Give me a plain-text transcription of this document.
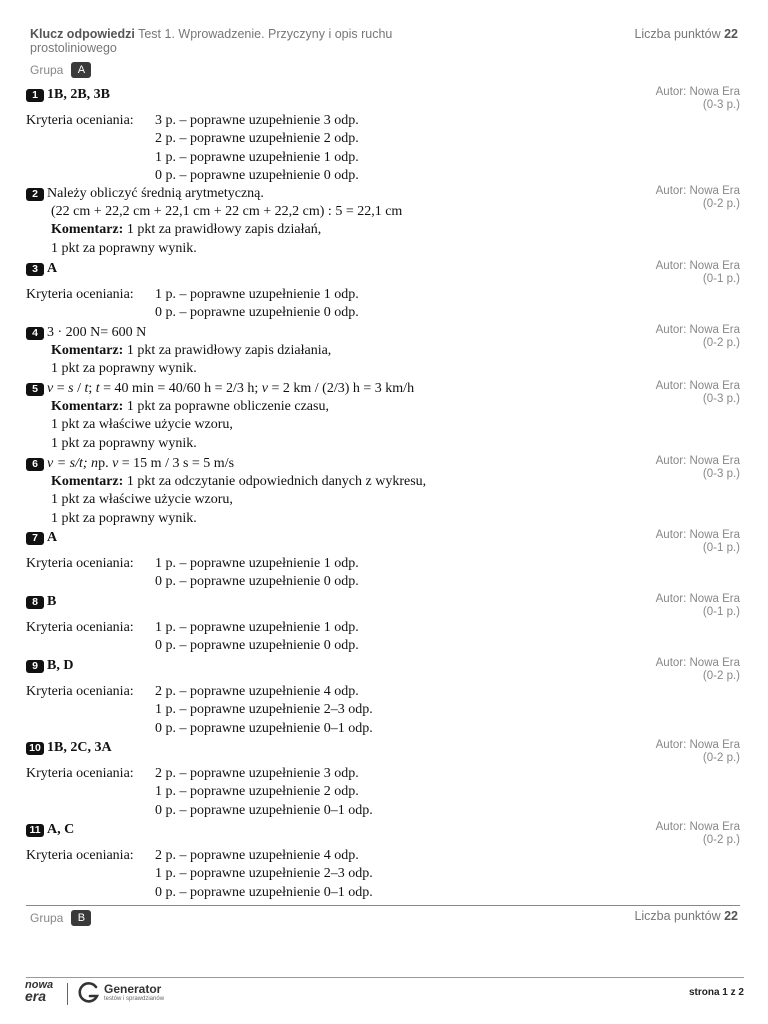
Klucz odpowiedzi Test 1. Wprowadzenie. Przyczyny i opis ruchu prostoliniowego
Liczba punktów 22
Grupa	A
1 1B, 2B, 3B	Autor: Nowa Era
(0-3 p.)
Kryteria oceniania:	3 p. – poprawne uzupełnienie 3 odp.
2 p. – poprawne uzupełnienie 2 odp.
1 p. – poprawne uzupełnienie 1 odp.
0 p. – poprawne uzupełnienie 0 odp.
2 Należy obliczyć średnią arytmetyczną.	Autor: Nowa Era
(0-2 p.)
(22 cm + 22,2 cm + 22,1 cm + 22 cm + 22,2 cm) : 5 = 22,1 cm
Komentarz: 1 pkt za prawidłowy zapis działań,
1 pkt za poprawny wynik.
3 A	Autor: Nowa Era
(0-1 p.)
Kryteria oceniania:	1 p. – poprawne uzupełnienie 1 odp.
0 p. – poprawne uzupełnienie 0 odp.
4 3 · 200 N= 600 N	Autor: Nowa Era
(0-2 p.)
Komentarz: 1 pkt za prawidłowy zapis działania,
1 pkt za poprawny wynik.
5 v = s / t; t = 40 min = 40/60 h = 2/3 h; v = 2 km / (2/3) h = 3 km/h	Autor: Nowa Era
(0-3 p.)
Komentarz: 1 pkt za poprawne obliczenie czasu,
1 pkt za właściwe użycie wzoru,
1 pkt za poprawny wynik.
6 v = s/t; np. v = 15 m / 3 s = 5 m/s	Autor: Nowa Era
(0-3 p.)
Komentarz: 1 pkt za odczytanie odpowiednich danych z wykresu,
1 pkt za właściwe użycie wzoru,
1 pkt za poprawny wynik.
7 A	Autor: Nowa Era
(0-1 p.)
Kryteria oceniania:	1 p. – poprawne uzupełnienie 1 odp.
0 p. – poprawne uzupełnienie 0 odp.
8 B	Autor: Nowa Era
(0-1 p.)
Kryteria oceniania:	1 p. – poprawne uzupełnienie 1 odp.
0 p. – poprawne uzupełnienie 0 odp.
9 B, D	Autor: Nowa Era
(0-2 p.)
Kryteria oceniania:	2 p. – poprawne uzupełnienie 4 odp.
1 p. – poprawne uzupełnienie 2–3 odp.
0 p. – poprawne uzupełnienie 0–1 odp.
10 1B, 2C, 3A	Autor: Nowa Era
(0-2 p.)
Kryteria oceniania:	2 p. – poprawne uzupełnienie 3 odp.
1 p. – poprawne uzupełnienie 2 odp.
0 p. – poprawne uzupełnienie 0–1 odp.
11 A, C	Autor: Nowa Era
(0-2 p.)
Kryteria oceniania:	2 p. – poprawne uzupełnienie 4 odp.
1 p. – poprawne uzupełnienie 2–3 odp.
0 p. – poprawne uzupełnienie 0–1 odp.
Grupa	B	Liczba punktów 22
nowa
era	Generator
testów i sprawdzianów
strona 1 z 2
